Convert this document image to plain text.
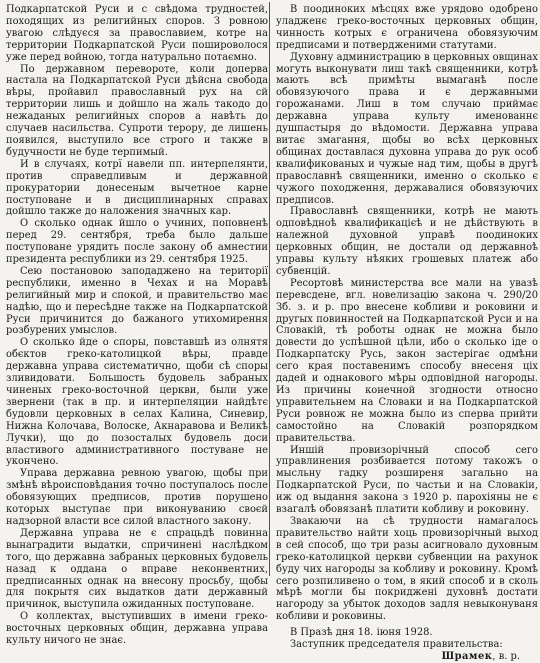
Подкарпатской Руси и с свѣдома трудностей, походящих из религийных споров. З ровною увагою слѣдуєся за православием, котре на территории Подкарпатской Руси пошироволося уже перед войною, тогда натурально потаємно.

По державном перевороте, коли доперва настала на Подкарпатской Руси дѣйсна свобода вѣры, пройавил православный рух на сй территории лишь и дойшло на жаль такодо до нежаданых религийных споров а навѣть до случаев насильства. Супроти терору, де лишень появился, выступило все строго и также в будучности не буде терпимый.

И в случаях, котрї навели пп. интерпелянти, против справедливым и державной прокуратории донесеным вычетное карне поступоване и в дисциплинарных справах дойшло также до наложения значных кар.

О сколько однак йшло о учиних, поповненѣ перед 29. сентября, треба было дальше поступоване урядить после закону об амнестии президента республики из 29. сентября 1925.

Сею постановою заподаджено на території республики, именно в Чехах и на Моравѣ религийный мир и спокой, и правительство має надѣю, що и пересѣдне также на Подкарпатской Руси причинится до бажаного утихомирення розбурених умыслов.

О сколько йде о споры, повставшѣ из олнятя обєктов греко-католицкой вѣры, правде державна управа систематично, щоби сѣ споры зливидовати. Большость будовель забраных чиненых греко-восточной церкви, были уже звернени (так в пр. и интерпеляции найдѣтє будовли церковных в селах Калина, Синевир, Нижна Колочава, Волоске, Акнаравова и Великѣ Лучки), що до позосталых будовель доси властивого административного постуване не укончено.

Управа державна ревною увагою, щобы при змѣнѣ вѣроисповѣдания точно поступалось после обовязующих предписов, против порушено которых выступає при виконуванию своєй надзорной власти все силой властного закону.

Державна управа не є спрацьдѣ повинна вынаградити выдатки, спричинені наслѣдком того, що державна забраных церковных будовель назад к оддана о вправе неконвентних, предписанных однак на внесону просьбу, щобы для покрытя сих выдатков дати державный причинок, выступила ожиданных поступоване.

О коллектах, выступивших в имени греко-восточных церковных общин, державна управа культу ничого не знає.

В поодиноких мѣсцях вже урядово одобрено уладженє греко-восточных церковных общин, чинность котрых є ограничена обовязуючим предписами и потвердженими статутами.

Духовну администрацию в церковных овщинах могуть выконувати лиш такѣ священники, котрѣ мають всѣ примѣты вымаганѣ после обовязуючого права и є державными горожанами. Лиш в том случаю приймає державна управа культу именованнє душпастыря до вѣдомости. Державна управа витає змагання, щобы во всѣх церковных общинах доставлася духовна управа до рук особ квалификованых и чужые над тим, щобы в другѣ православнѣ священники, именно о сколько є чужого походження, державалися обовязуючих предписов.

Православнѣ священники, котрѣ не мають одповѣдноѣ квалификацієѣ и не дѣйствують в належной духовной управѣ поодиноких церковных общин, не достали од державноѣ управы культу нѣяких грошевых платеж або субвенцій.

Ресортовѣ министерства все мали на увазѣ перевсдене, вгл. новелизацію закона ч. 290/20 Зб. з. и р. про внесене кобливи и роковини и другых повинностей на Подкарпатской Руси и на Словакій, тѣ роботы однак не можна было довести до успѣшной цѣли, ибо о сколько ідe о Подкарпатску Русь, закон застерігає одмѣни сего края поставенимъ способу внесеня ціх дадей и однакового мѣры одповідной нагороды. Из причины конечной згодности относно управительнем на Словаки и на Подкарпатской Руси ровнож не можна было из сперва прийти самостойно на Словакій розпорядком правительства.

Иншій провизорічный способ сего управлинения розбивается потому такожъ о мысльну гадку розширеня загально на Подкарпатской Руси, по частьи и на Словакіи, иж од выдання закона з 1920 р. парохіяны не є взагалѣ обовязанѣ платити кобливу и роковину.

Звакаючи на сѣ трудности намагалось правительство найти хоць провизорічный выход в сей способ, що три разы асигновало духовным греко-католицкой церкви субвенции на рахунок буду чих нагороды за кобливу и роковину. Кромѣ сего розпиливено о том, в який способ и в сколь мѣрѣ могли бы покриджені духовнѣ достати нагороду за убыток доходов задля невыконуваня кобливи и роковины.

В Празѣ дня 18. іюня 1928.

Заступник председателя правительства:

Шрамек, в. р.
